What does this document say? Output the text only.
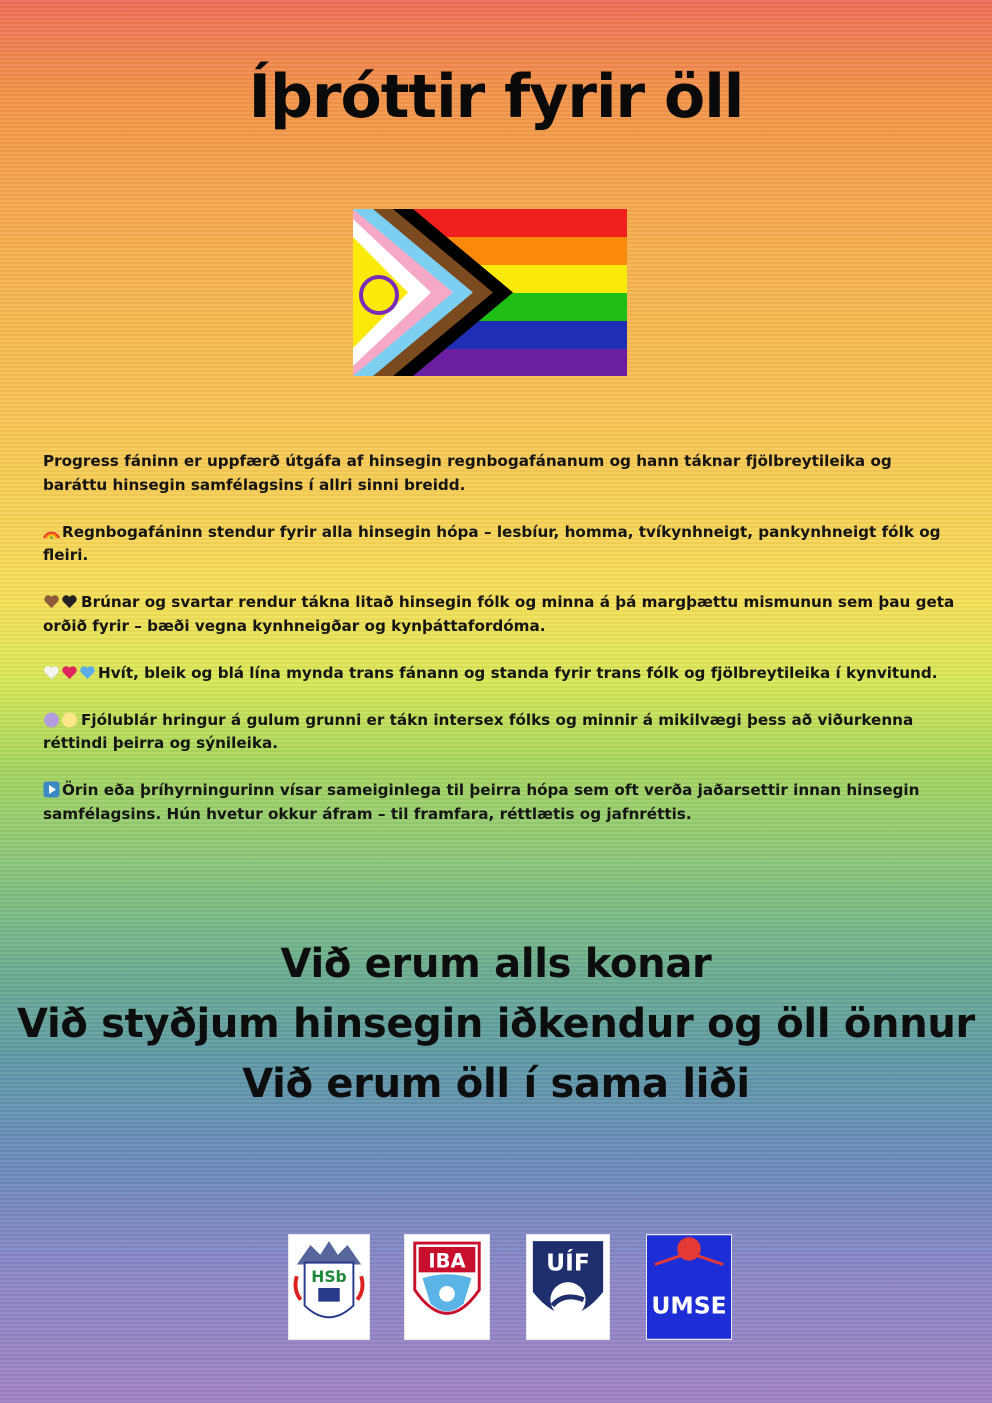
Íþróttir fyrir öll

Progress fáninn er uppfærð útgáfa af hinsegin regnbogafánanum og hann táknar fjölbreytileika og baráttu hinsegin samfélagsins í allri sinni breidd.

Regnbogafáninn stendur fyrir alla hinsegin hópa – lesbíur, homma, tvíkynhneigt, pankynhneigt fólk og fleiri.

Brúnar og svartar rendur tákna litað hinsegin fólk og minna á þá margþættu mismunun sem þau geta orðið fyrir – bæði vegna kynhneigðar og kynþáttafordóma.

Hvít, bleik og blá lína mynda trans fánann og standa fyrir trans fólk og fjölbreytileika í kynvitund.

Fjólublár hringur á gulum grunni er tákn intersex fólks og minnir á mikilvægi þess að viðurkenna réttindi þeirra og sýnileika.

Örin eða þríhyrningurinn vísar sameiginlega til þeirra hópa sem oft verða jaðarsettir innan hinsegin samfélagsins. Hún hvetur okkur áfram – til framfara, réttlætis og jafnréttis.

Við erum alls konar
Við styðjum hinsegin iðkendur og öll önnur
Við erum öll í sama liði
HSb
IBA	UÍF
UMSE
